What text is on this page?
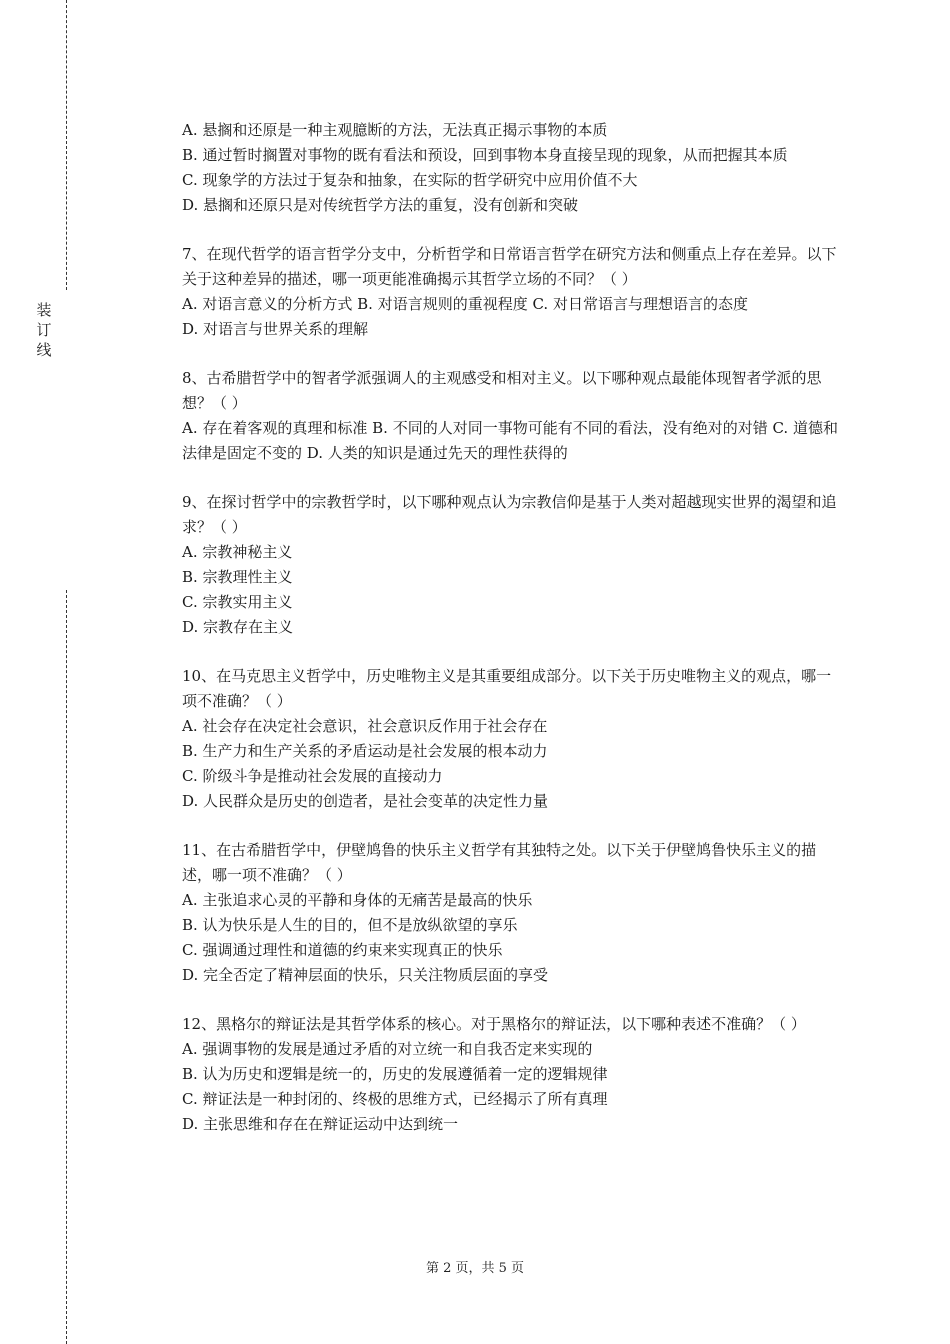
装
订
线

A. 悬搁和还原是一种主观臆断的方法，无法真正揭示事物的本质

B. 通过暂时搁置对事物的既有看法和预设，回到事物本身直接呈现的现象，从而把握其本质

C. 现象学的方法过于复杂和抽象，在实际的哲学研究中应用价值不大

D. 悬搁和还原只是对传统哲学方法的重复，没有创新和突破

7、在现代哲学的语言哲学分支中，分析哲学和日常语言哲学在研究方法和侧重点上存在差异。以下关于这种差异的描述，哪一项更能准确揭示其哲学立场的不同？（ ）

A. 对语言意义的分析方式 B. 对语言规则的重视程度 C. 对日常语言与理想语言的态度

D. 对语言与世界关系的理解

8、古希腊哲学中的智者学派强调人的主观感受和相对主义。以下哪种观点最能体现智者学派的思想？（ ）

A. 存在着客观的真理和标准 B. 不同的人对同一事物可能有不同的看法，没有绝对的对错 C. 道德和法律是固定不变的 D. 人类的知识是通过先天的理性获得的

9、在探讨哲学中的宗教哲学时，以下哪种观点认为宗教信仰是基于人类对超越现实世界的渴望和追求？（ ）

A. 宗教神秘主义

B. 宗教理性主义

C. 宗教实用主义

D. 宗教存在主义

10、在马克思主义哲学中，历史唯物主义是其重要组成部分。以下关于历史唯物主义的观点，哪一项不准确？（ ）

A. 社会存在决定社会意识，社会意识反作用于社会存在

B. 生产力和生产关系的矛盾运动是社会发展的根本动力

C. 阶级斗争是推动社会发展的直接动力

D. 人民群众是历史的创造者，是社会变革的决定性力量

11、在古希腊哲学中，伊壁鸠鲁的快乐主义哲学有其独特之处。以下关于伊壁鸠鲁快乐主义的描述，哪一项不准确？（ ）

A. 主张追求心灵的平静和身体的无痛苦是最高的快乐

B. 认为快乐是人生的目的，但不是放纵欲望的享乐

C. 强调通过理性和道德的约束来实现真正的快乐

D. 完全否定了精神层面的快乐，只关注物质层面的享受

12、黑格尔的辩证法是其哲学体系的核心。对于黑格尔的辩证法，以下哪种表述不准确？（ ）

A. 强调事物的发展是通过矛盾的对立统一和自我否定来实现的

B. 认为历史和逻辑是统一的，历史的发展遵循着一定的逻辑规律

C. 辩证法是一种封闭的、终极的思维方式，已经揭示了所有真理

D. 主张思维和存在在辩证运动中达到统一

第 2 页，共 5 页
